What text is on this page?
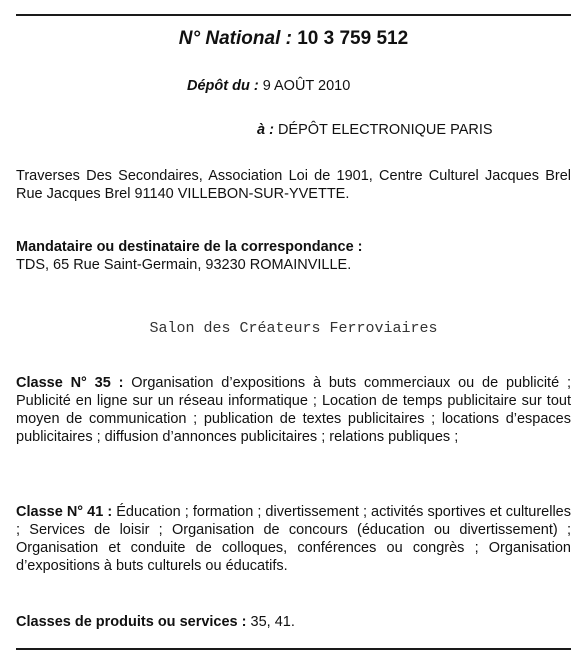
N° National : 10 3 759 512
Dépôt du : 9 AOÛT 2010
à : DÉPÔT ELECTRONIQUE PARIS
Traverses Des Secondaires, Association Loi de 1901, Centre Culturel Jacques Brel Rue Jacques Brel 91140 VILLEBON-SUR-YVETTE.
Mandataire ou destinataire de la correspondance :
TDS, 65 Rue Saint-Germain, 93230 ROMAINVILLE.
Salon des Créateurs Ferroviaires
Classe N° 35 : Organisation d’expositions à buts commerciaux ou de publicité ; Publicité en ligne sur un réseau informatique ; Location de temps publicitaire sur tout moyen de communication ; publication de textes publicitaires ; locations d’espaces publicitaires ; diffusion d’annonces publicitaires ; relations publiques ;
Classe N° 41 : Éducation ; formation ; divertissement ; activités sportives et culturelles ; Services de loisir ; Organisation de concours (éducation ou divertissement) ; Organisation et conduite de colloques, conférences ou congrès ; Organisation d’expositions à buts culturels ou éducatifs.
Classes de produits ou services : 35, 41.
